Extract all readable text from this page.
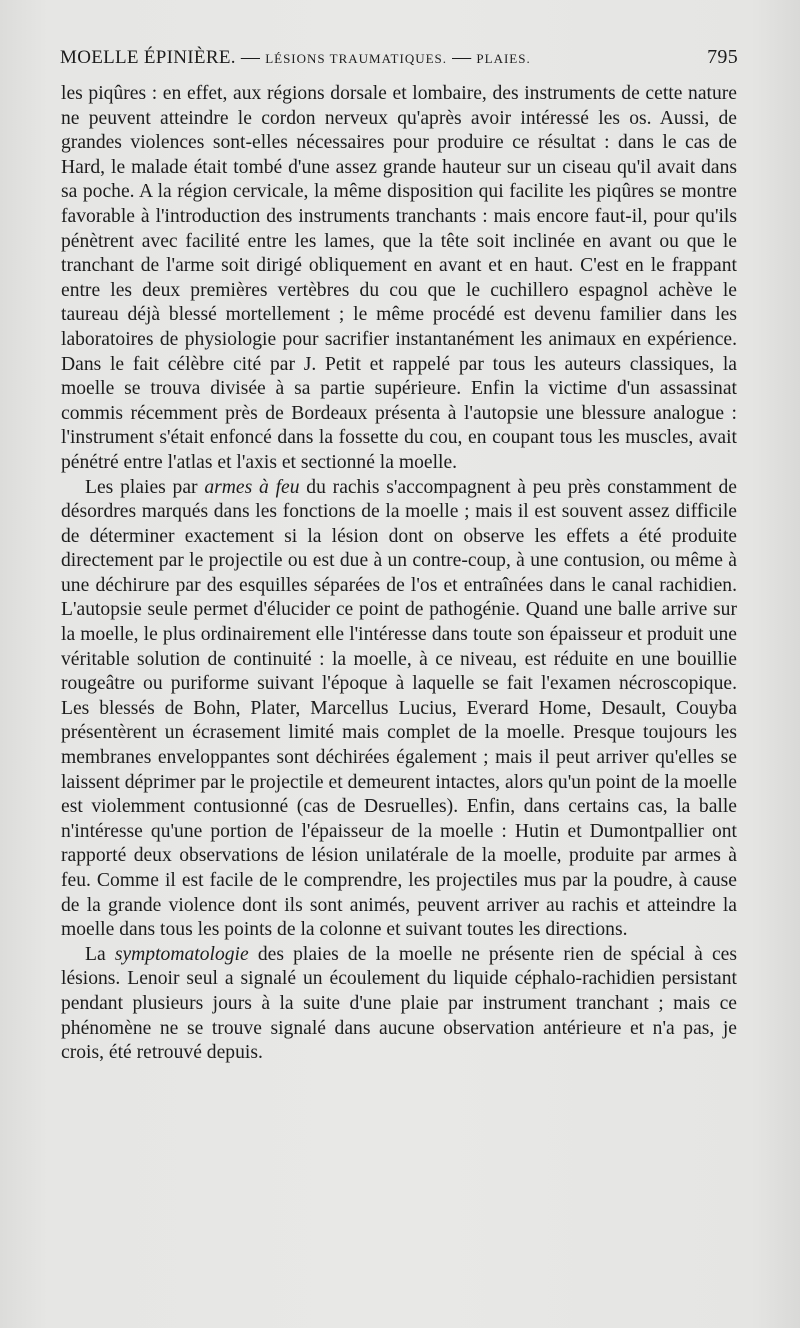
MOELLE ÉPINIÈRE. — LÉSIONS TRAUMATIQUES. — PLAIES.	795

les piqûres : en effet, aux régions dorsale et lombaire, des instruments de cette nature ne peuvent atteindre le cordon nerveux qu'après avoir intéressé les os. Aussi, de grandes violences sont-elles nécessaires pour produire ce résultat : dans le cas de Hard, le malade était tombé d'une assez grande hauteur sur un ciseau qu'il avait dans sa poche. A la région cervicale, la même disposition qui facilite les piqûres se montre favorable à l'introduction des instruments tranchants : mais encore faut-il, pour qu'ils pénètrent avec facilité entre les lames, que la tête soit inclinée en avant ou que le tranchant de l'arme soit dirigé obliquement en avant et en haut. C'est en le frappant entre les deux premières vertèbres du cou que le cuchillero espagnol achève le taureau déjà blessé mortellement ; le même procédé est devenu familier dans les laboratoires de physiologie pour sacrifier instantanément les animaux en expérience. Dans le fait célèbre cité par J. Petit et rappelé par tous les auteurs classiques, la moelle se trouva divisée à sa partie supérieure. Enfin la victime d'un assassinat commis récemment près de Bordeaux présenta à l'autopsie une blessure analogue : l'instrument s'était enfoncé dans la fossette du cou, en coupant tous les muscles, avait pénétré entre l'atlas et l'axis et sectionné la moelle.

Les plaies par armes à feu du rachis s'accompagnent à peu près constamment de désordres marqués dans les fonctions de la moelle ; mais il est souvent assez difficile de déterminer exactement si la lésion dont on observe les effets a été produite directement par le projectile ou est due à un contre-coup, à une contusion, ou même à une déchirure par des esquilles séparées de l'os et entraînées dans le canal rachidien. L'autopsie seule permet d'élucider ce point de pathogénie. Quand une balle arrive sur la moelle, le plus ordinairement elle l'intéresse dans toute son épaisseur et produit une véritable solution de continuité : la moelle, à ce niveau, est réduite en une bouillie rougeâtre ou puriforme suivant l'époque à laquelle se fait l'examen nécroscopique. Les blessés de Bohn, Plater, Marcellus Lucius, Everard Home, Desault, Couyba présentèrent un écrasement limité mais complet de la moelle. Presque toujours les membranes enveloppantes sont déchirées également ; mais il peut arriver qu'elles se laissent déprimer par le projectile et demeurent intactes, alors qu'un point de la moelle est violemment contusionné (cas de Desruelles). Enfin, dans certains cas, la balle n'intéresse qu'une portion de l'épaisseur de la moelle : Hutin et Dumontpallier ont rapporté deux observations de lésion unilatérale de la moelle, produite par armes à feu. Comme il est facile de le comprendre, les projectiles mus par la poudre, à cause de la grande violence dont ils sont animés, peuvent arriver au rachis et atteindre la moelle dans tous les points de la colonne et suivant toutes les directions.

La symptomatologie des plaies de la moelle ne présente rien de spécial à ces lésions. Lenoir seul a signalé un écoulement du liquide céphalo-rachidien persistant pendant plusieurs jours à la suite d'une plaie par instrument tranchant ; mais ce phénomène ne se trouve signalé dans aucune observation antérieure et n'a pas, je crois, été retrouvé depuis.
